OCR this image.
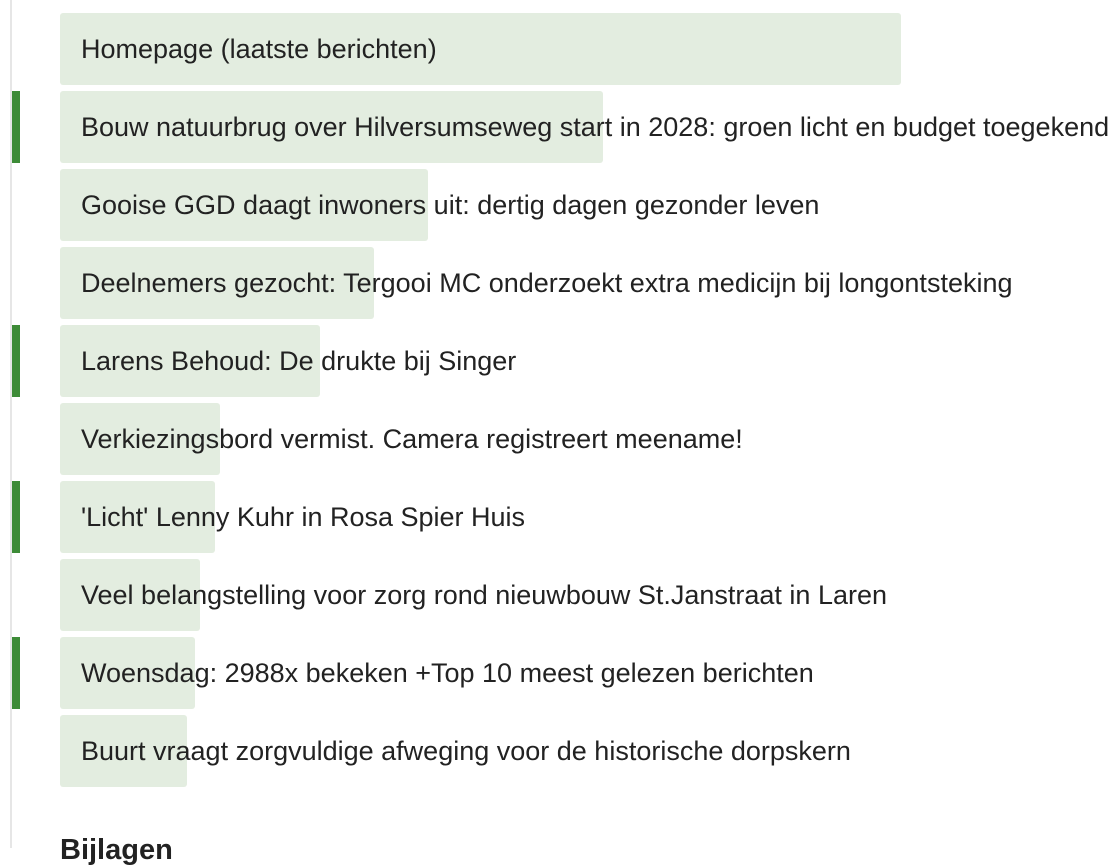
Homepage (laatste berichten)
Bouw natuurbrug over Hilversumseweg start in 2028: groen licht en budget toegekend
Gooise GGD daagt inwoners uit: dertig dagen gezonder leven
Deelnemers gezocht: Tergooi MC onderzoekt extra medicijn bij longontsteking
Larens Behoud: De drukte bij Singer
Verkiezingsbord vermist. Camera registreert meename!
'Licht' Lenny Kuhr in Rosa Spier Huis
Veel belangstelling voor zorg rond nieuwbouw St.Janstraat in Laren
Woensdag: 2988x bekeken +Top 10 meest gelezen berichten
Buurt vraagt zorgvuldige afweging voor de historische dorpskern
Bijlagen
